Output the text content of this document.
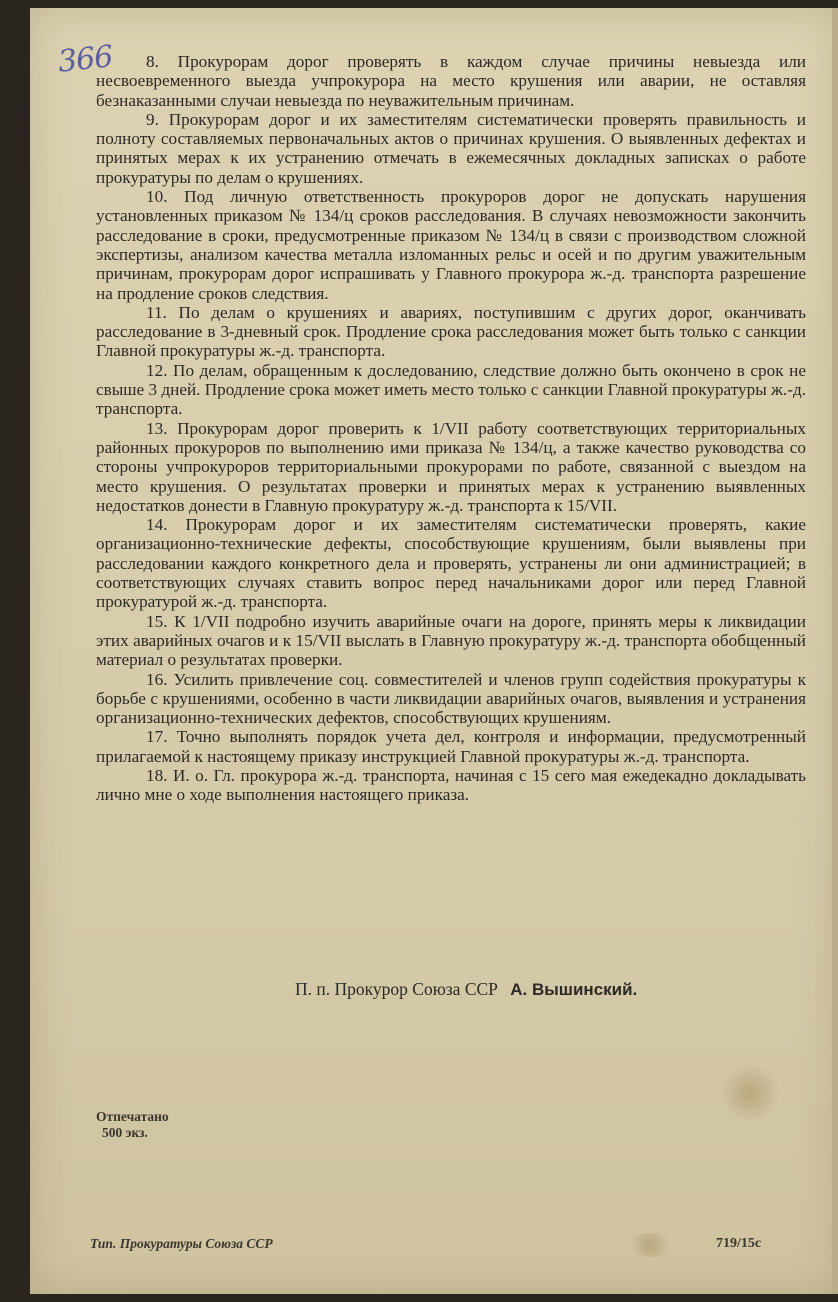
366	8. Прокурорам дорог проверять в каждом случае причины невыезда или несвоевременного выезда учпрокурора на место крушения или аварии, не оставляя безнаказанными случаи невыезда по неуважительным причинам.

9. Прокурорам дорог и их заместителям систематически проверять правильность и полноту составляемых первоначальных актов о причинах крушения. О выявленных дефектах и принятых мерах к их устранению отмечать в ежемесячных докладных записках о работе прокуратуры по делам о крушениях.

10. Под личную ответственность прокуроров дорог не допускать нарушения установленных приказом № 134/ц сроков расследования. В случаях невозможности закончить расследование в сроки, предусмотренные приказом № 134/ц в связи с производством сложной экспертизы, анализом качества металла изломанных рельс и осей и по другим уважительным причинам, прокурорам дорог испрашивать у Главного прокурора ж.-д. транспорта разрешение на продление сроков следствия.

11. По делам о крушениях и авариях, поступившим с других дорог, оканчивать расследование в 3-дневный срок. Продление срока расследования может быть только с санкции Главной прокуратуры ж.-д. транспорта.

12. По делам, обращенным к доследованию, следствие должно быть окончено в срок не свыше 3 дней. Продление срока может иметь место только с санкции Главной прокуратуры ж.-д. транспорта.

13. Прокурорам дорог проверить к 1/VII работу соответствующих территориальных районных прокуроров по выполнению ими приказа № 134/ц, а также качество руководства со стороны учпрокуроров территориальными прокурорами по работе, связанной с выездом на место крушения. О результатах проверки и принятых мерах к устранению выявленных недостатков донести в Главную прокуратуру ж.-д. транспорта к 15/VII.

14. Прокурорам дорог и их заместителям систематически проверять, какие организационно-технические дефекты, способствующие крушениям, были выявлены при расследовании каждого конкретного дела и проверять, устранены ли они администрацией; в соответствующих случаях ставить вопрос перед начальниками дорог или перед Главной прокуратурой ж.-д. транспорта.

15. К 1/VII подробно изучить аварийные очаги на дороге, принять меры к ликвидации этих аварийных очагов и к 15/VII выслать в Главную прокуратуру ж.-д. транспорта обобщенный материал о результатах проверки.

16. Усилить привлечение соц. совместителей и членов групп содействия прокуратуры к борьбе с крушениями, особенно в части ликвидации аварийных очагов, выявления и устранения организационно-технических дефектов, способствующих крушениям.

17. Точно выполнять порядок учета дел, контроля и информации, предусмотренный прилагаемой к настоящему приказу инструкцией Главной прокуратуры ж.-д. транспорта.

18. И. о. Гл. прокурора ж.-д. транспорта, начиная с 15 сего мая ежедекадно докладывать лично мне о ходе выполнения настоящего приказа.

П. п. Прокурор Союза ССР А. Вышинский.
Отпечатано
500 экз.
Тип. Прокуратуры Союза ССР	719/15с
